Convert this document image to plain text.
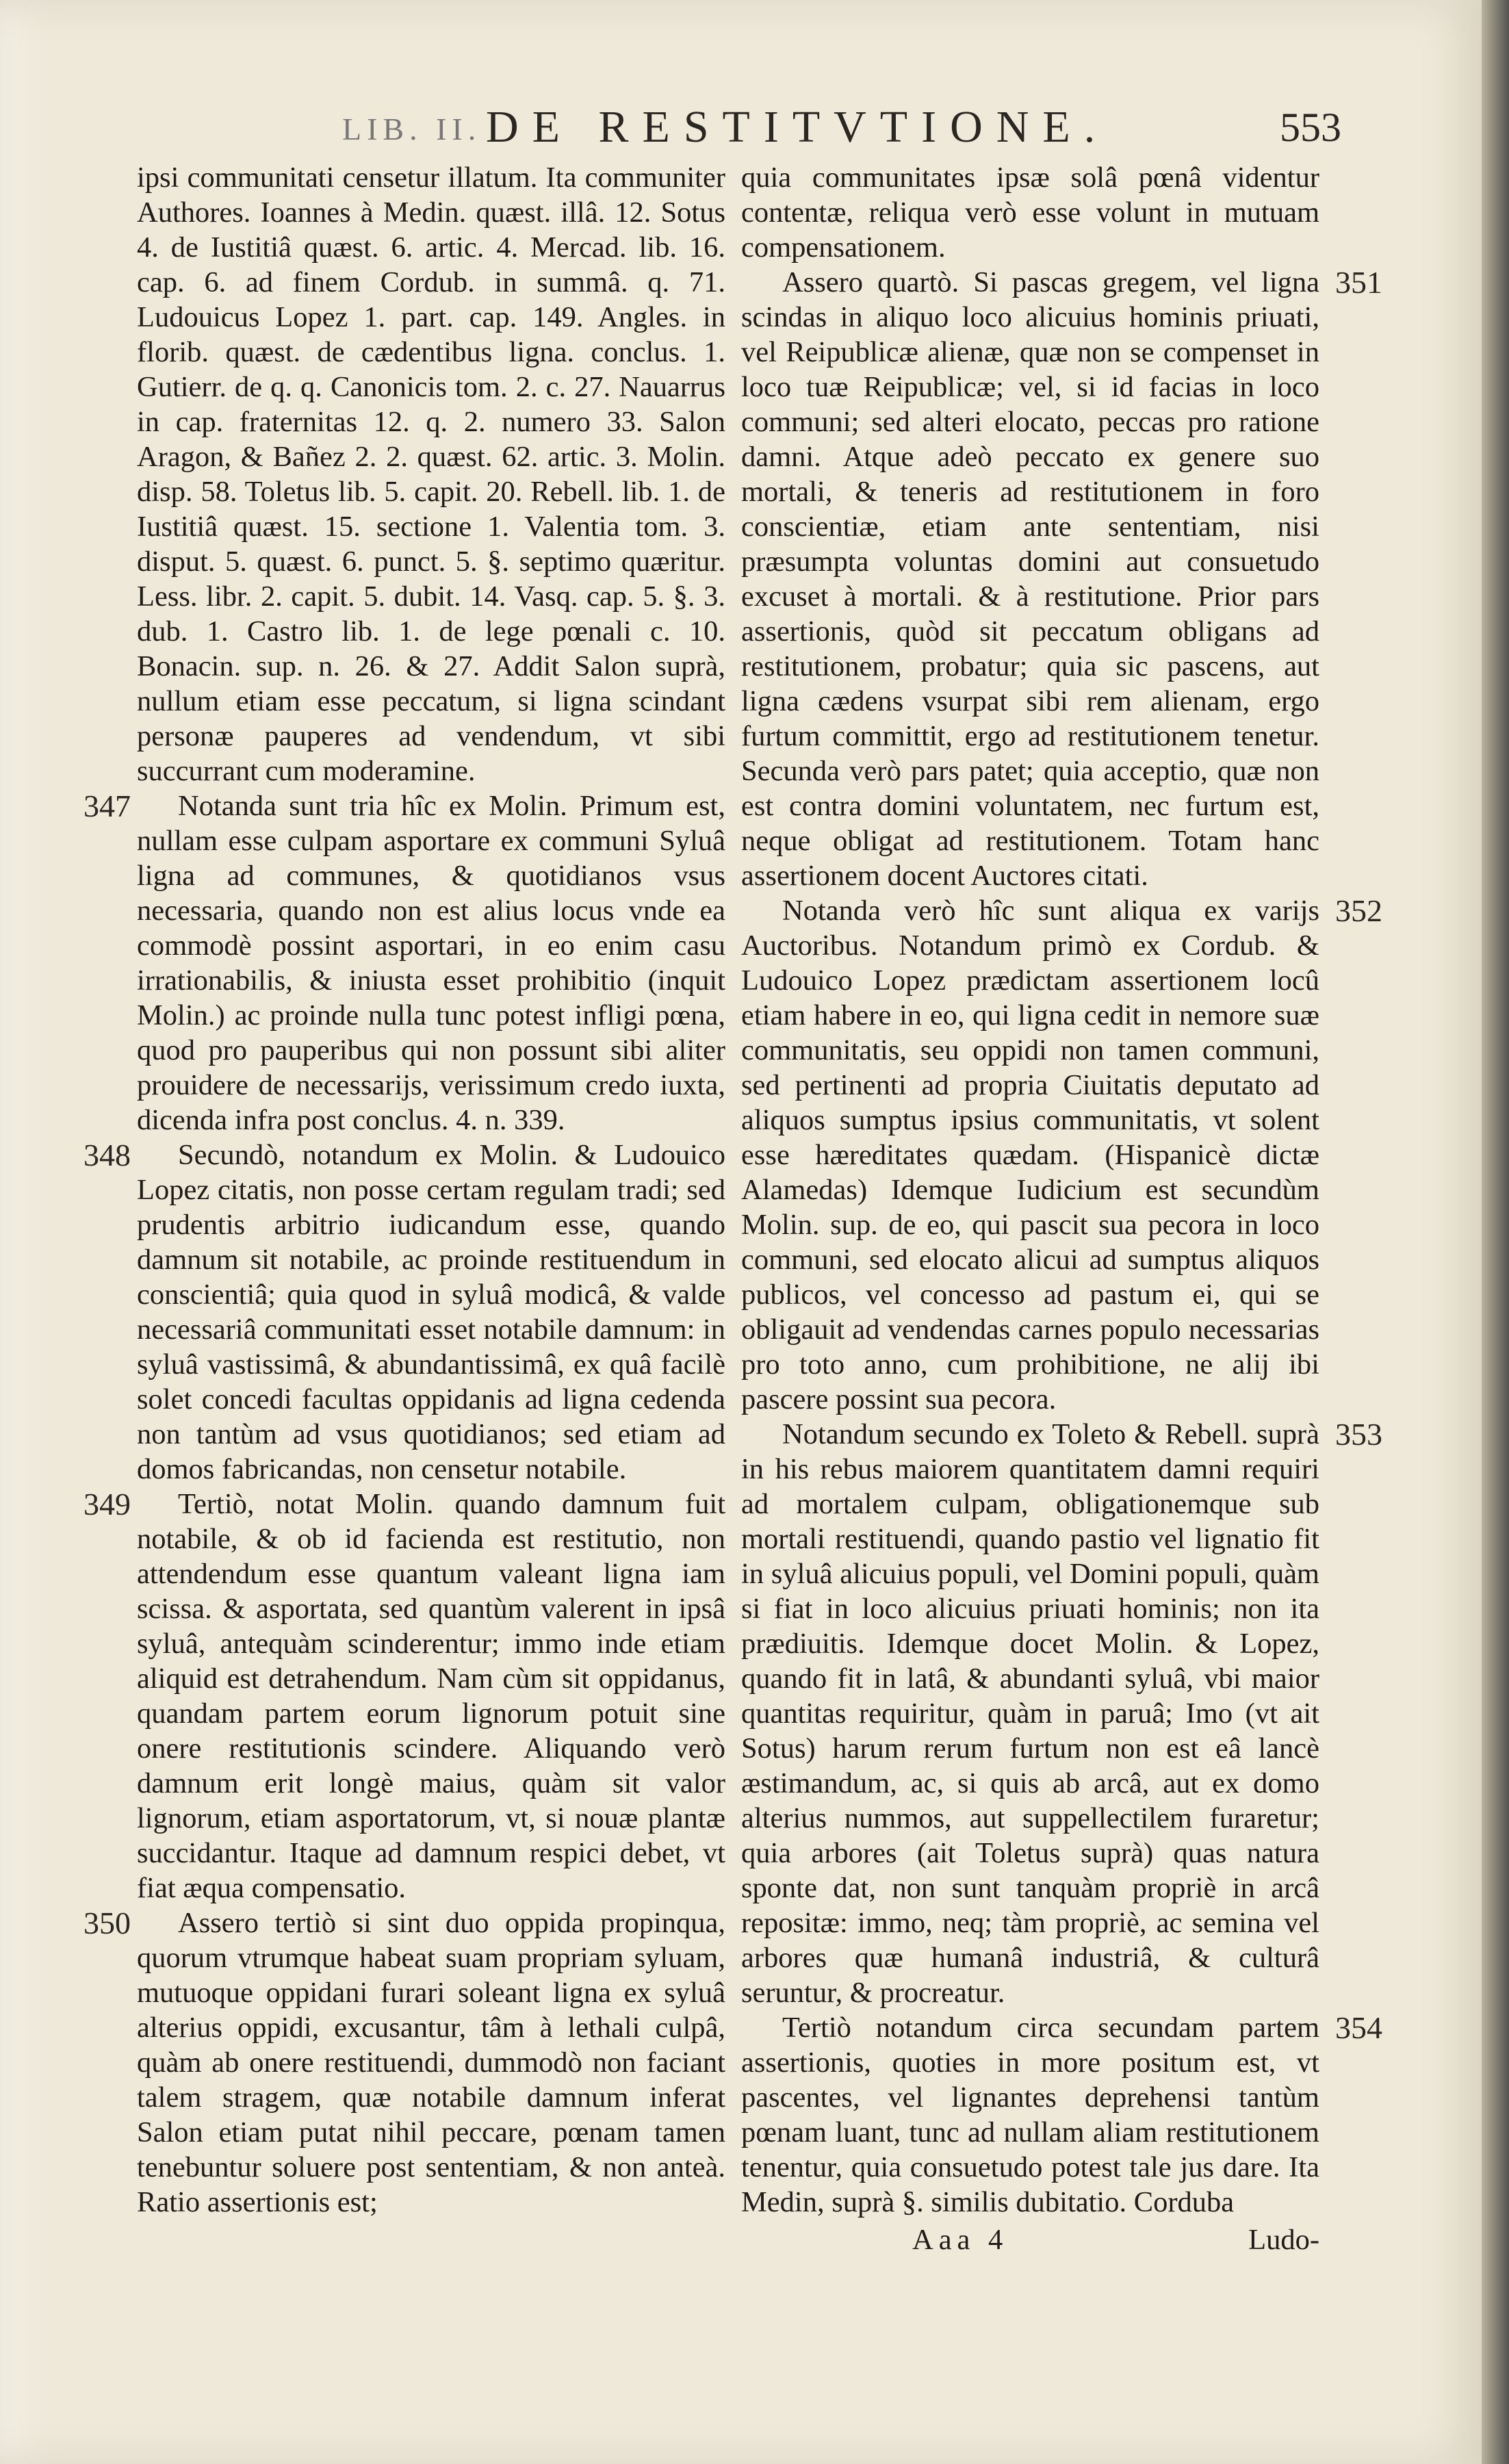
LIB. II. DE RESTITVTIONE.	553

ipsi communitati censetur illatum. Ita communiter Authores. Ioannes à Medin. quæst. illâ. 12. Sotus 4. de Iustitiâ quæst. 6. artic. 4. Mercad. lib. 16. cap. 6. ad finem Cordub. in summâ. q. 71. Ludouicus Lopez 1. part. cap. 149. Angles. in florib. quæst. de cædentibus ligna. conclus. 1. Gutierr. de q. q. Canonicis tom. 2. c. 27. Nauarrus in cap. fraternitas 12. q. 2. numero 33. Salon Aragon, & Bañez 2. 2. quæst. 62. artic. 3. Molin. disp. 58. Toletus lib. 5. capit. 20. Rebell. lib. 1. de Iustitiâ quæst. 15. sectione 1. Valentia tom. 3. disput. 5. quæst. 6. punct. 5. §. septimo quæritur. Less. libr. 2. capit. 5. dubit. 14. Vasq. cap. 5. §. 3. dub. 1. Castro lib. 1. de lege pœnali c. 10. Bonacin. sup. n. 26. & 27. Addit Salon suprà, nullum etiam esse peccatum, si ligna scindant personæ pauperes ad vendendum, vt sibi succurrant cum moderamine.

347	Notanda sunt tria hîc ex Molin. Primum est, nullam esse culpam asportare ex communi Syluâ ligna ad communes, & quotidianos vsus necessaria, quando non est alius locus vnde ea commodè possint asportari, in eo enim casu irrationabilis, & iniusta esset prohibitio (inquit Molin.) ac proinde nulla tunc potest infligi pœna, quod pro pauperibus qui non possunt sibi aliter prouidere de necessarijs, verissimum credo iuxta, dicenda infra post conclus. 4. n. 339.

348	Secundò, notandum ex Molin. & Ludouico Lopez citatis, non posse certam regulam tradi; sed prudentis arbitrio iudicandum esse, quando damnum sit notabile, ac proinde restituendum in conscientiâ; quia quod in syluâ modicâ, & valde necessariâ communitati esset notabile damnum: in syluâ vastissimâ, & abundantissimâ, ex quâ facilè solet concedi facultas oppidanis ad ligna cedenda non tantùm ad vsus quotidianos; sed etiam ad domos fabricandas, non censetur notabile.

349	Tertiò, notat Molin. quando damnum fuit notabile, & ob id facienda est restitutio, non attendendum esse quantum valeant ligna iam scissa. & asportata, sed quantùm valerent in ipsâ syluâ, antequàm scinderentur; immo inde etiam aliquid est detrahendum. Nam cùm sit oppidanus, quandam partem eorum lignorum potuit sine onere restitutionis scindere. Aliquando verò damnum erit longè maius, quàm sit valor lignorum, etiam asportatorum, vt, si nouæ plantæ succidantur. Itaque ad damnum respici debet, vt fiat æqua compensatio.

350	Assero tertiò si sint duo oppida propinqua, quorum vtrumque habeat suam propriam syluam, mutuoque oppidani furari soleant ligna ex syluâ alterius oppidi, excusantur, tâm à lethali culpâ, quàm ab onere restituendi, dummodò non faciant talem stragem, quæ notabile damnum inferat Salon etiam putat nihil peccare, pœnam tamen tenebuntur soluere post sententiam, & non anteà. Ratio assertionis est;

quia communitates ipsæ solâ pœnâ videntur contentæ, reliqua verò esse volunt in mutuam compensationem.

351

Assero quartò. Si pascas gregem, vel ligna scindas in aliquo loco alicuius hominis priuati, vel Reipublicæ alienæ, quæ non se compenset in loco tuæ Reipublicæ; vel, si id facias in loco communi; sed alteri elocato, peccas pro ratione damni. Atque adeò peccato ex genere suo mortali, & teneris ad restitutionem in foro conscientiæ, etiam ante sententiam, nisi præsumpta voluntas domini aut consuetudo excuset à mortali. & à restitutione. Prior pars assertionis, quòd sit peccatum obligans ad restitutionem, probatur; quia sic pascens, aut ligna cædens vsurpat sibi rem alienam, ergo furtum committit, ergo ad restitutionem tenetur. Secunda verò pars patet; quia acceptio, quæ non est contra domini voluntatem, nec furtum est, neque obligat ad restitutionem. Totam hanc assertionem docent Auctores citati.

352

Notanda verò hîc sunt aliqua ex varijs Auctoribus. Notandum primò ex Cordub. & Ludouico Lopez prædictam assertionem locû etiam habere in eo, qui ligna cedit in nemore suæ communitatis, seu oppidi non tamen communi, sed pertinenti ad propria Ciuitatis deputato ad aliquos sumptus ipsius communitatis, vt solent esse hæreditates quædam. (Hispanicè dictæ Alamedas) Idemque Iudicium est secundùm Molin. sup. de eo, qui pascit sua pecora in loco communi, sed elocato alicui ad sumptus aliquos publicos, vel concesso ad pastum ei, qui se obligauit ad vendendas carnes populo necessarias pro toto anno, cum prohibitione, ne alij ibi pascere possint sua pecora.

353

Notandum secundo ex Toleto & Rebell. suprà in his rebus maiorem quantitatem damni requiri ad mortalem culpam, obligationemque sub mortali restituendi, quando pastio vel lignatio fit in syluâ alicuius populi, vel Domini populi, quàm si fiat in loco alicuius priuati hominis; non ita prædiuitis. Idemque docet Molin. & Lopez, quando fit in latâ, & abundanti syluâ, vbi maior quantitas requiritur, quàm in paruâ; Imo (vt ait Sotus) harum rerum furtum non est eâ lancè æstimandum, ac, si quis ab arcâ, aut ex domo alterius nummos, aut suppellectilem furaretur; quia arbores (ait Toletus suprà) quas natura sponte dat, non sunt tanquàm propriè in arcâ repositæ: immo, neq; tàm propriè, ac semina vel arbores quæ humanâ industriâ, & culturâ seruntur, & procreatur.

354

Tertiò notandum circa secundam partem assertionis, quoties in more positum est, vt pascentes, vel lignantes deprehensi tantùm pœnam luant, tunc ad nullam aliam restitutionem tenentur, quia consuetudo potest tale jus dare. Ita Medin, suprà §. similis dubitatio. Corduba

Aaa 4	Ludo-
